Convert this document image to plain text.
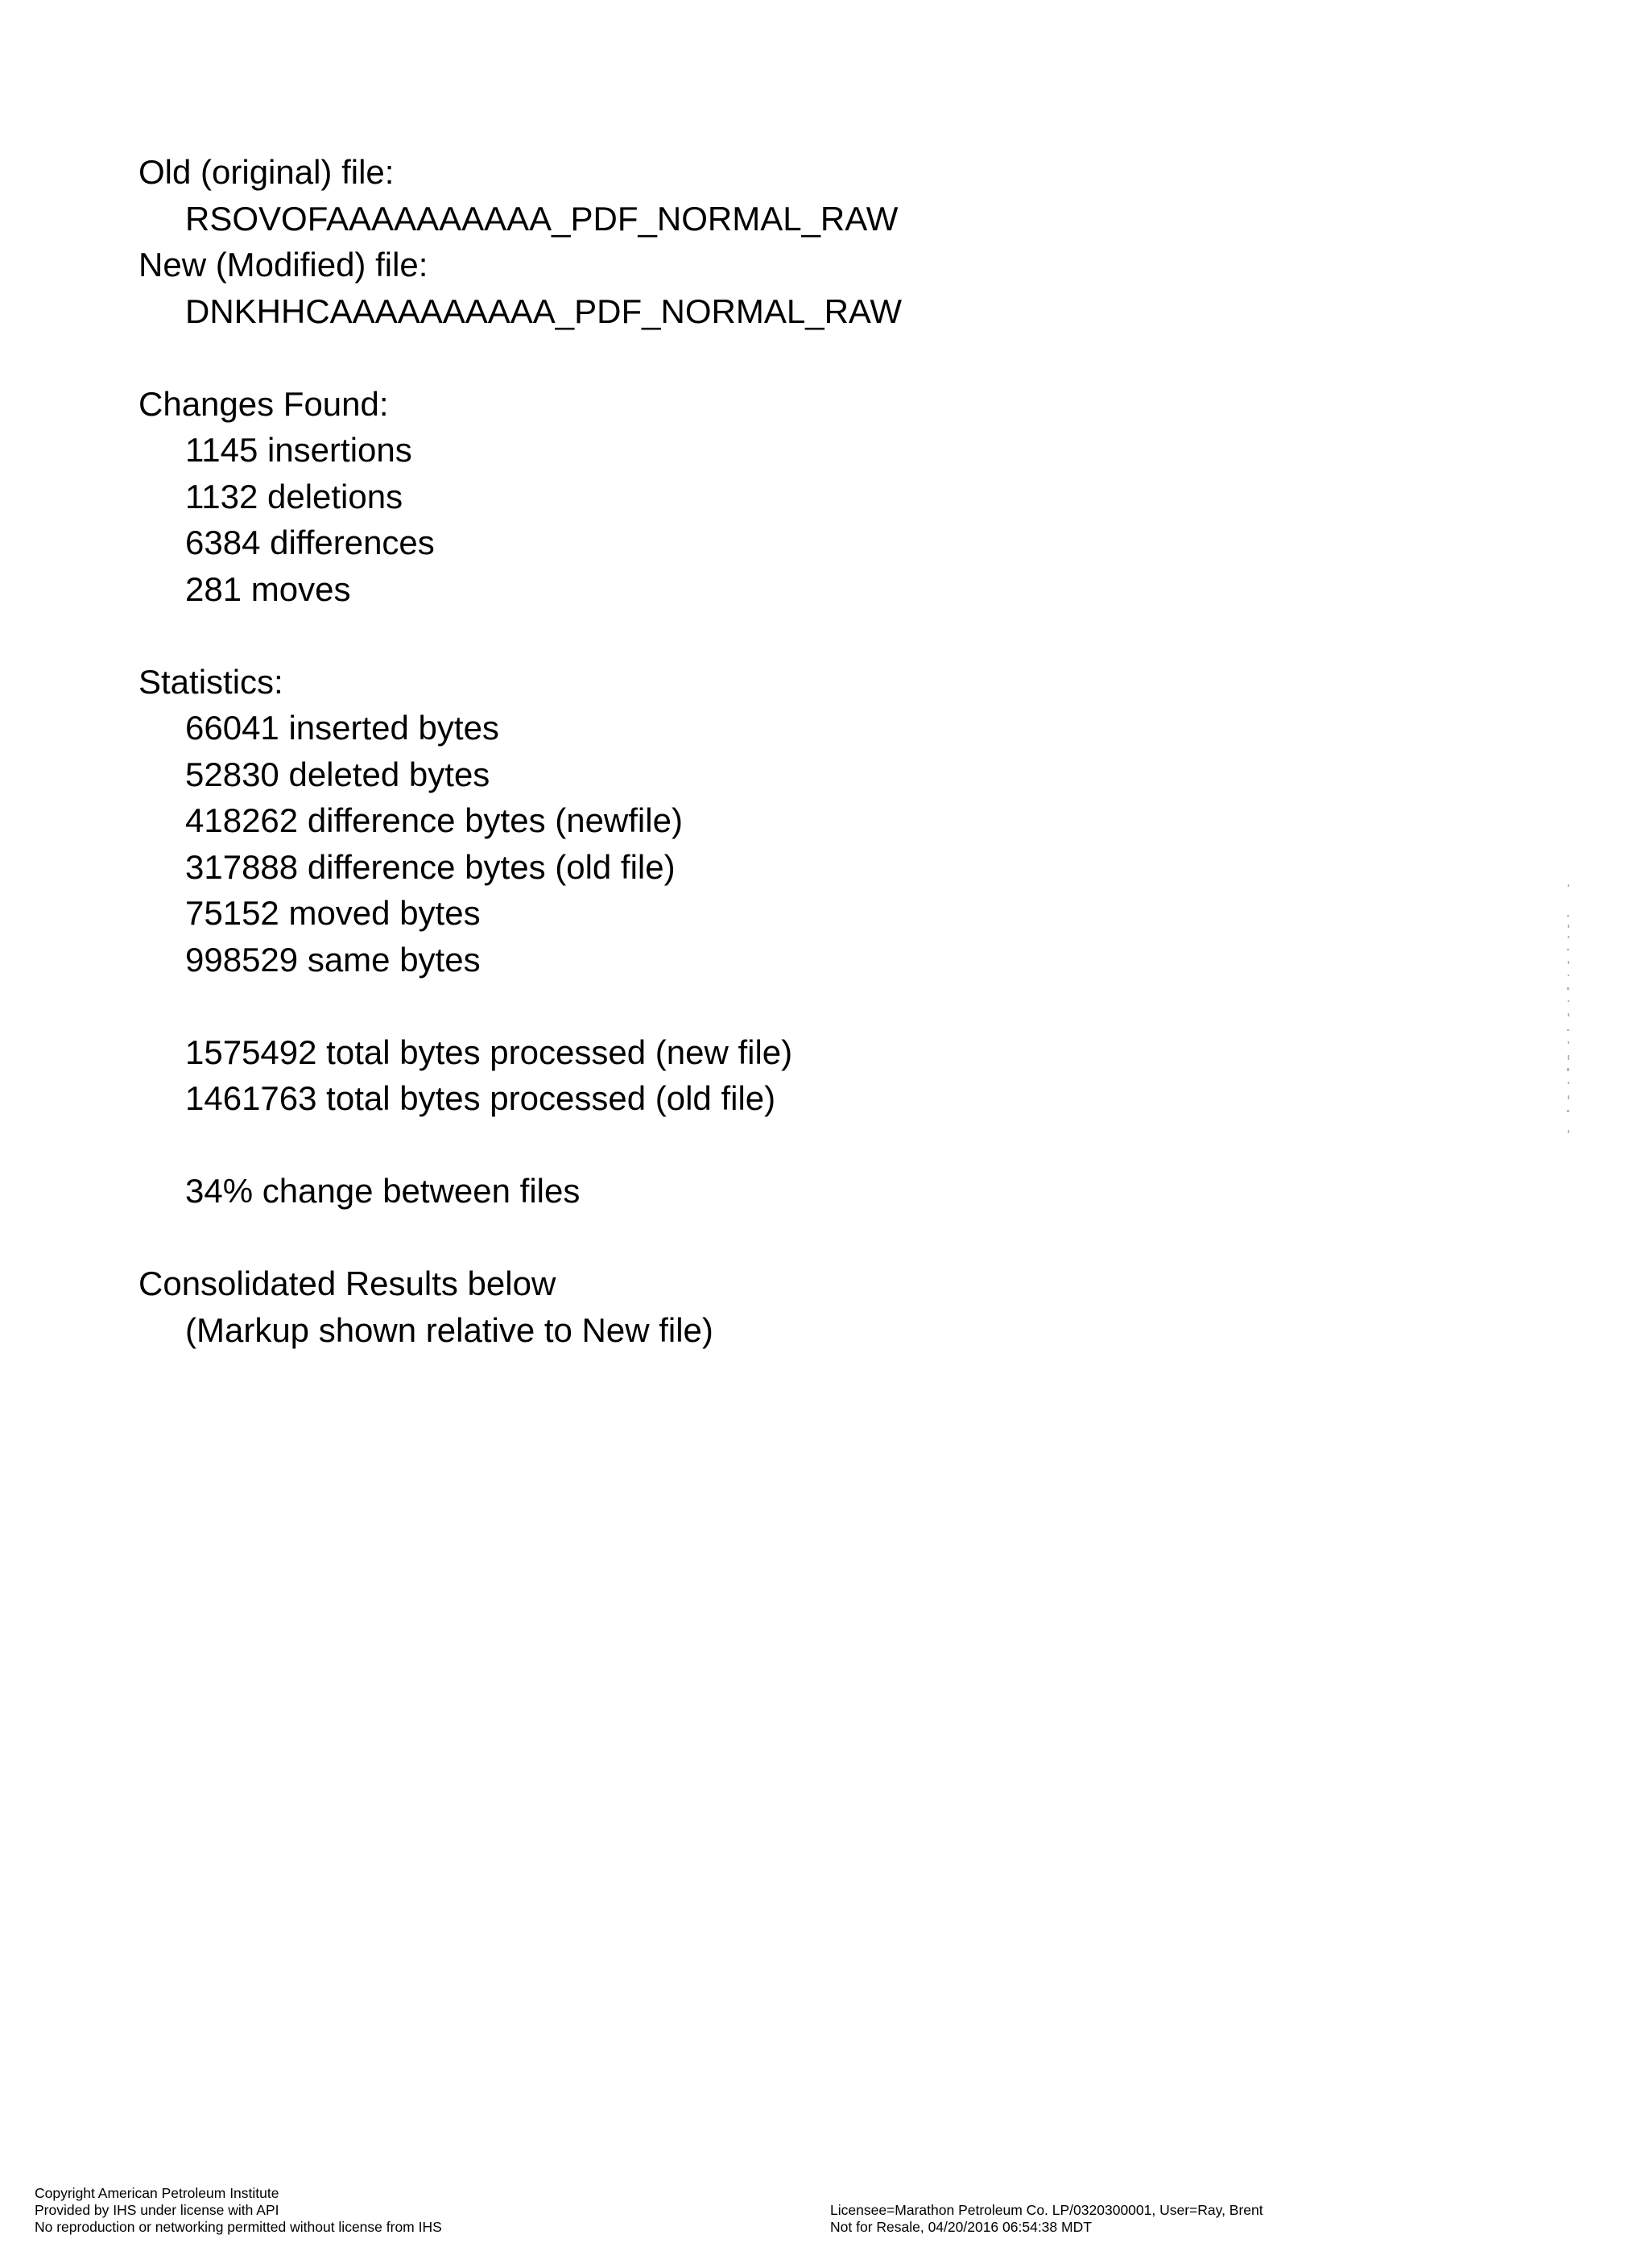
Old (original) file:
RSOVOFAAAAAAAAAA_PDF_NORMAL_RAW
New (Modified) file:
DNKHHCAAAAAAAAAA_PDF_NORMAL_RAW
Changes Found:
1145 insertions
1132 deletions
6384 differences
281 moves
Statistics:
66041 inserted bytes
52830 deleted bytes
418262 difference bytes (newfile)
317888 difference bytes (old file)
75152 moved bytes
998529 same bytes
1575492 total bytes processed (new file)
1461763 total bytes processed (old file)
34% change between files
Consolidated Results below
(Markup shown relative to New file)
Copyright American Petroleum Institute
Provided by IHS under license with API
No reproduction or networking permitted without license from IHS
Licensee=Marathon Petroleum Co. LP/0320300001, User=Ray, Brent
Not for Resale, 04/20/2016 06:54:38 MDT
